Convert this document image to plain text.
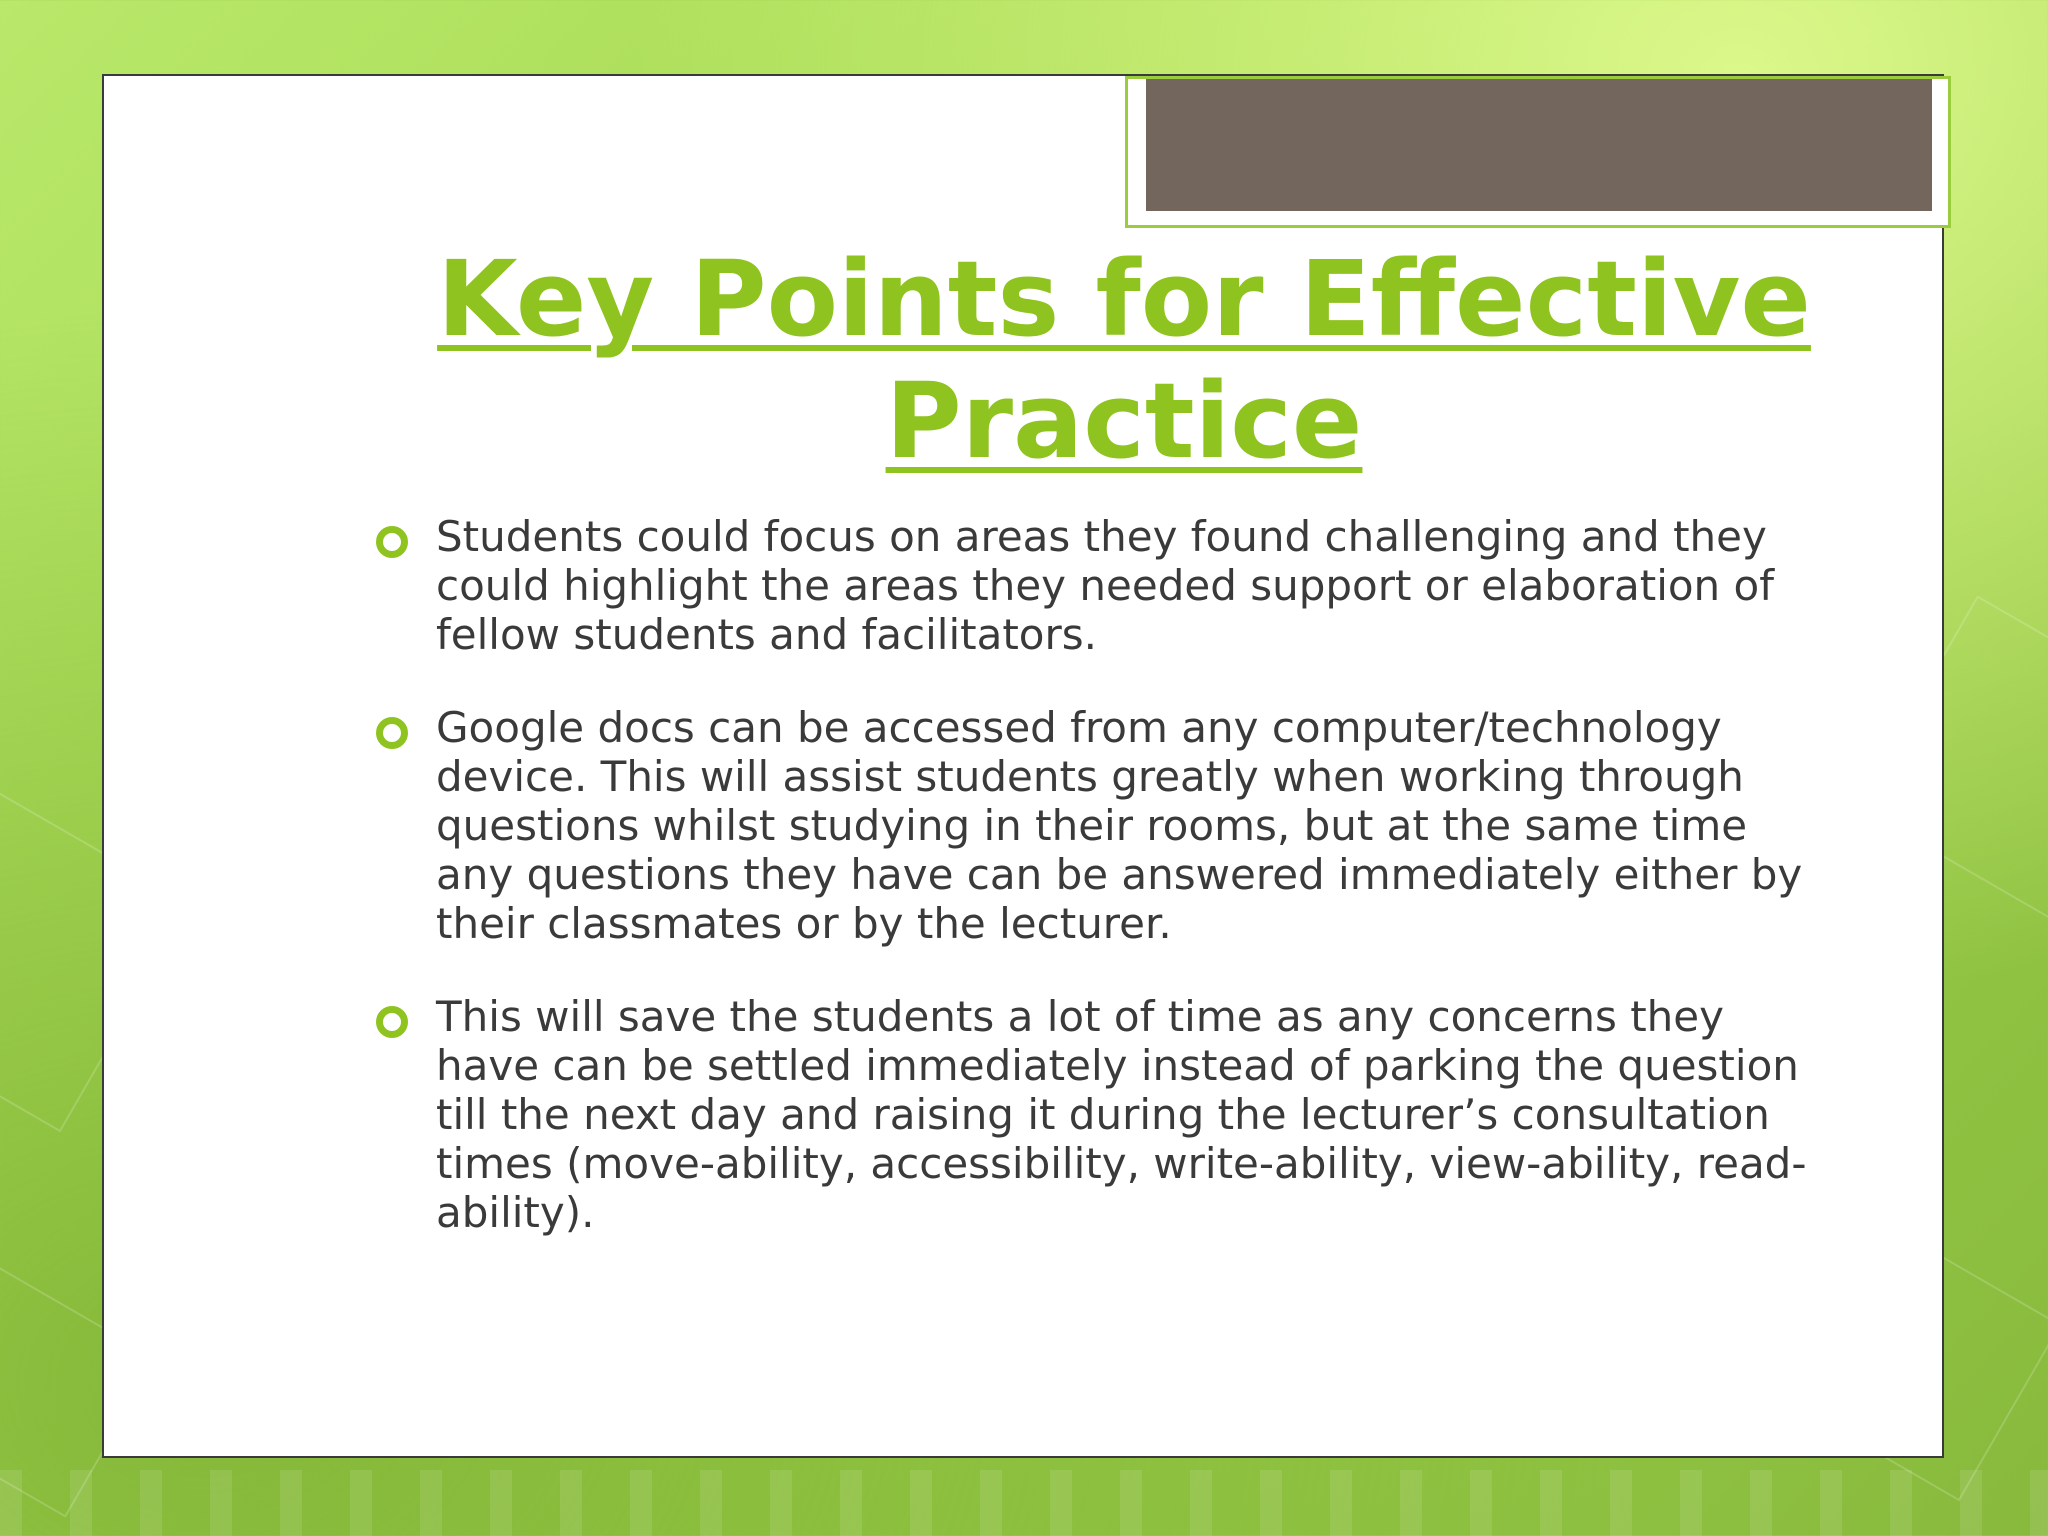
Key Points for Effective Practice
Students could focus on areas they found challenging and they could highlight the areas they needed support or elaboration of fellow students and facilitators.
Google docs can be accessed from any computer/technology device. This will assist students greatly when working through questions whilst studying in their rooms, but at the same time any questions they have can be answered immediately either by their classmates or by the lecturer.
This will save the students a lot of time as any concerns they have can be settled immediately instead of parking the question till the next day and raising it during the lecturer’s consultation times (move-ability, accessibility, write-ability, view-ability, read-ability).
